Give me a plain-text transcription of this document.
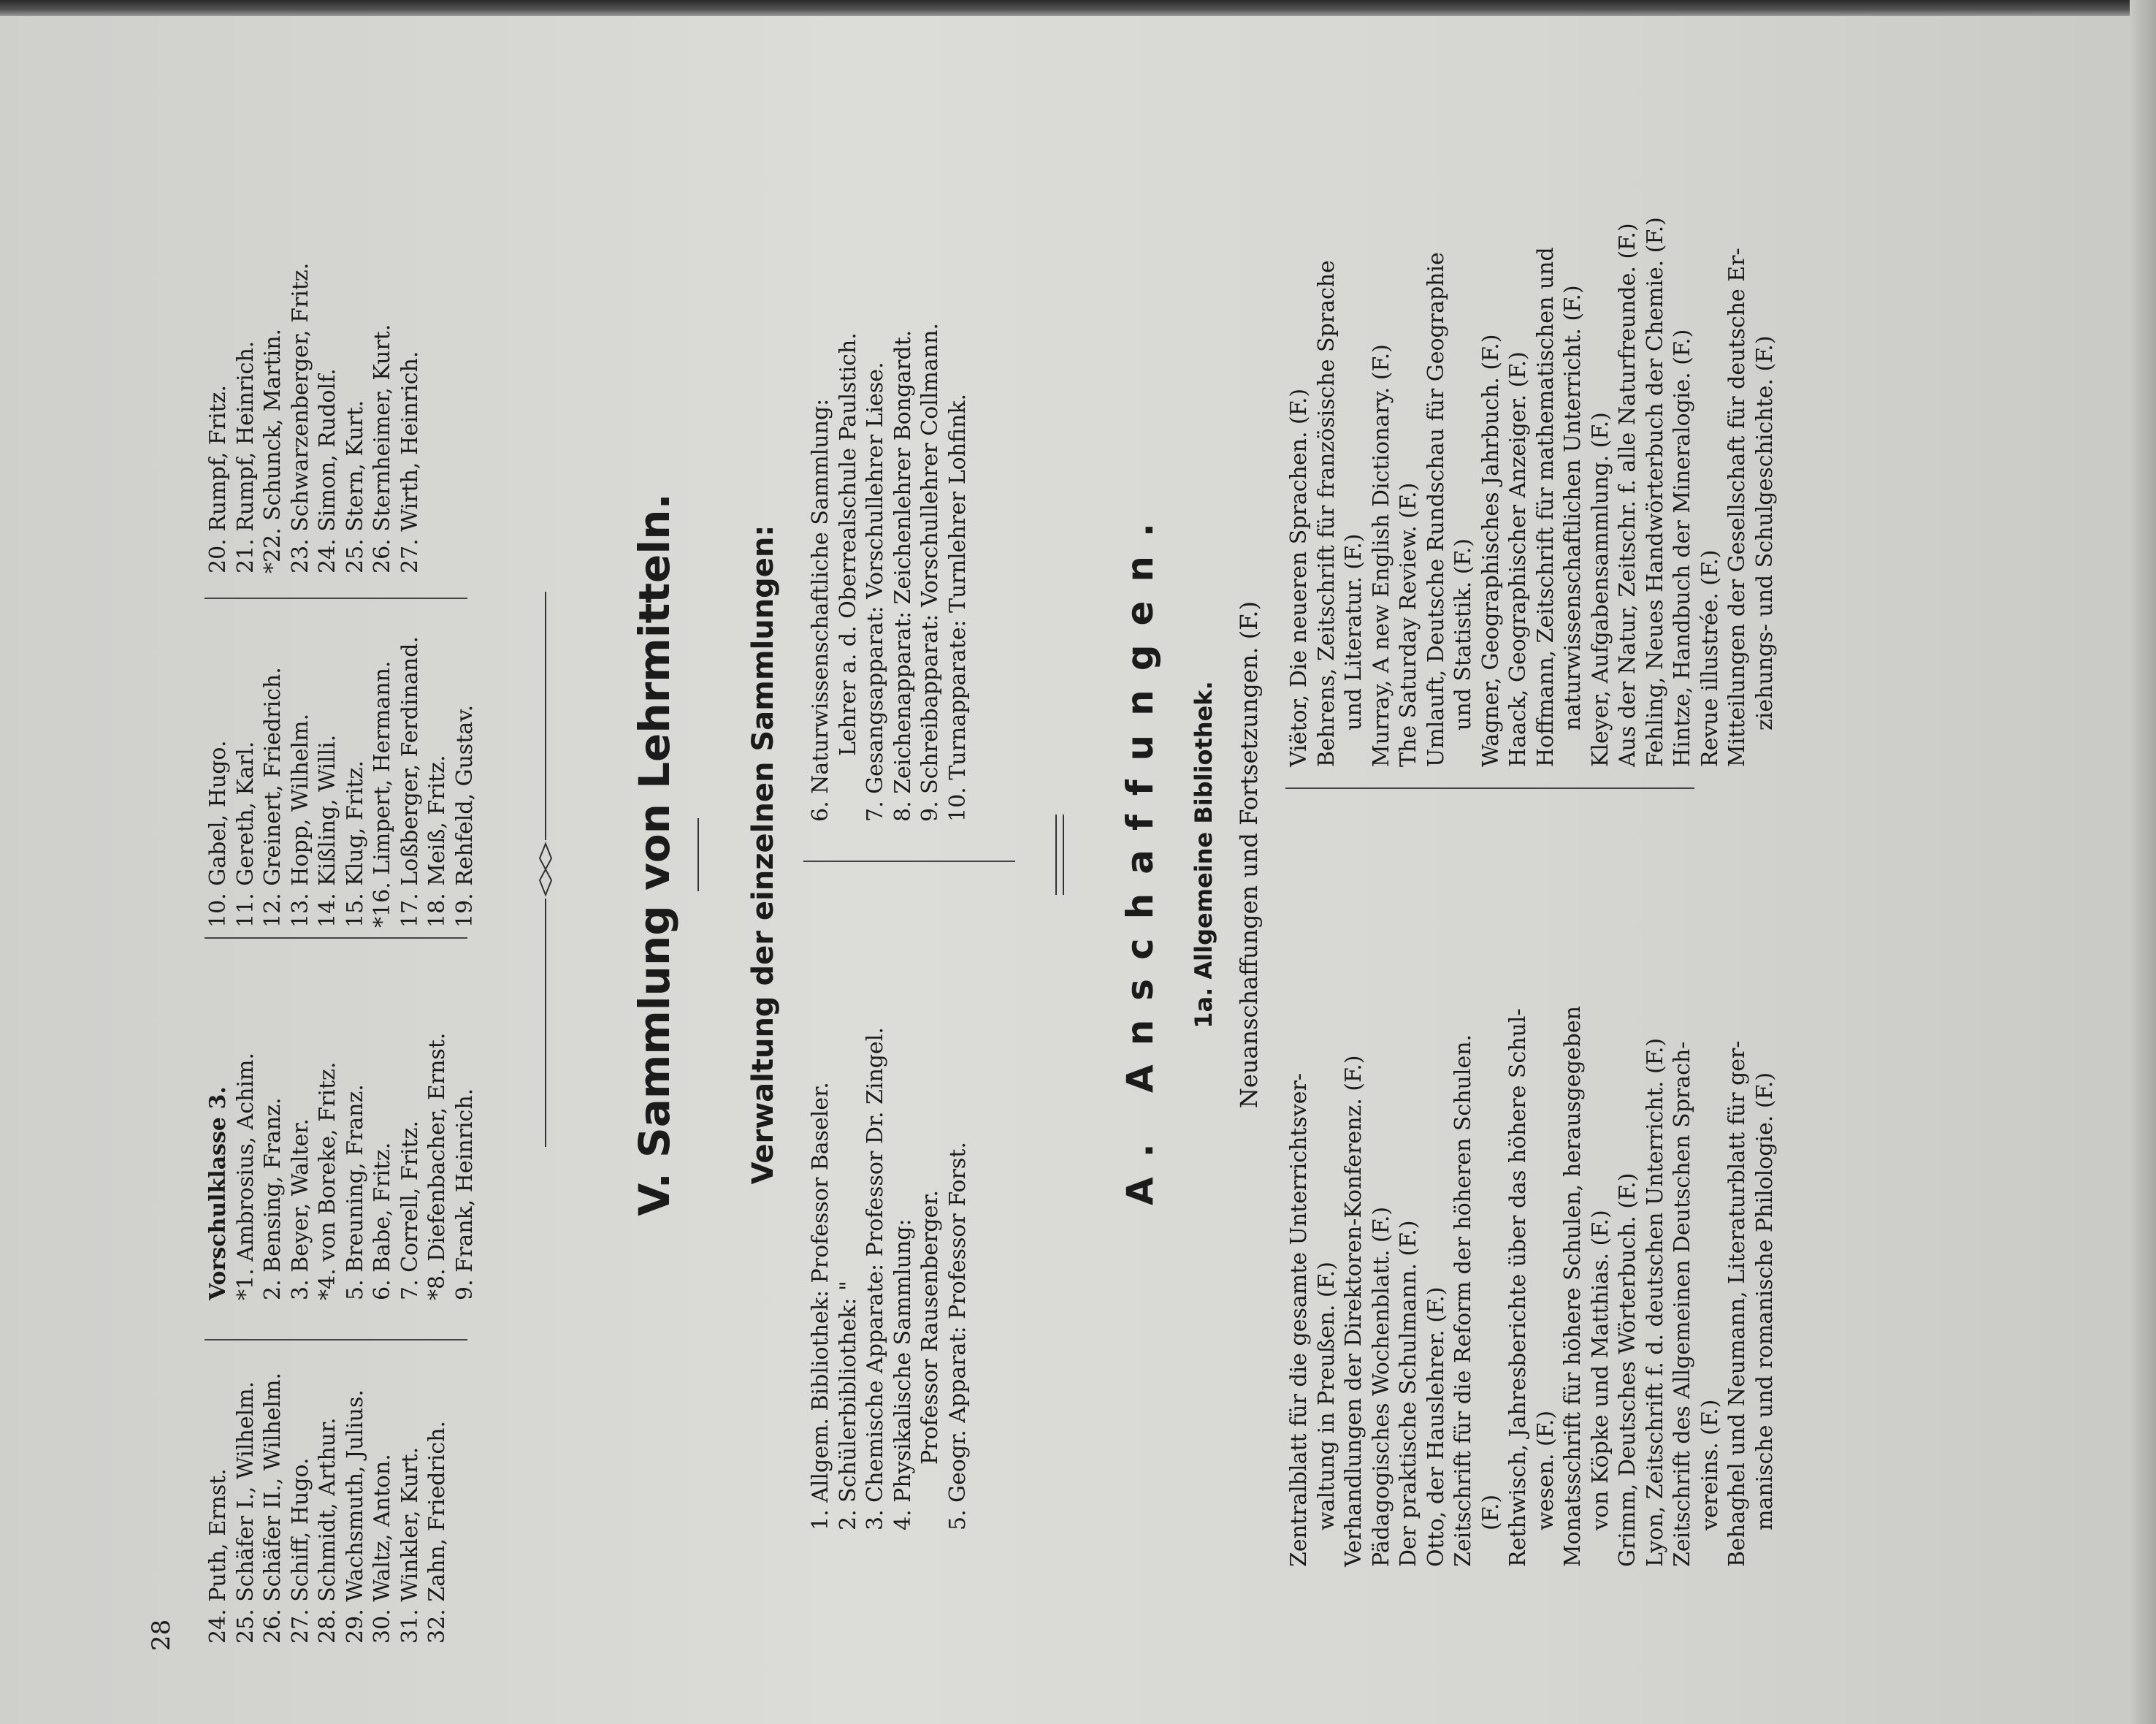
28 24. Puth, Ernst. 25. Schäfer I., Wilhelm. 26. Schäfer II., Wilhelm. 27. Schiff, Hugo. 28. Schmidt, Arthur. 29. Wachsmuth, Julius. 30. Waltz, Anton. 31. Winkler, Kurt. 32. Zahn, Friedrich.
Vorschulklasse 3. *1. Ambrosius, Achim. 2. Bensing, Franz. 3. Beyer, Walter. *4. von Boreke, Fritz. 5. Breuning, Franz. 6. Babe, Fritz. 7. Correll, Fritz. *8. Diefenbacher, Ernst. 9. Frank, Heinrich.
10. Gabel, Hugo. 11. Gereth, Karl. 12. Greinert, Friedrich. 13. Hopp, Wilhelm. 14. Kißling, Willi. 15. Klug, Fritz. *16. Limpert, Hermann. 17. Loßberger, Ferdinand. 18. Meiß, Fritz. 19. Rehfeld, Gustav.
20. Rumpf, Fritz. 21. Rumpf, Heinrich. *22. Schunck, Martin. 23. Schwarzenberger, Fritz. 24. Simon, Rudolf. 25. Stern, Kurt. 26. Sternheimer, Kurt. 27. Wirth, Heinrich.
V. Sammlung von Lehrmitteln. Verwaltung der einzelnen Sammlungen:
1. Allgem. Bibliothek: Professor Baseler. 2. Schülerbibliothek: " 3. Chemische Apparate: Professor Dr. Zingel. 4. Physikalische Sammlung: Professor Rausenberger. 5. Geogr. Apparat: Professor Forst.
6. Naturwissenschaftliche Sammlung: Lehrer a. d. Oberrealschule Paulstich. 7. Gesangsapparat: Vorschullehrer Liese. 8. Zeichenapparat: Zeichenlehrer Bongardt. 9. Schreibapparat: Vorschullehrer Collmann. 10. Turnapparate: Turnlehrer Lohfink.	A. Anschaffungen. 1a. Allgemeine Bibliothek. Neuanschaffungen und Fortsetzungen. (F.)
Zentralblatt für die gesamte Unterrichtsver- waltung in Preußen. (F.) Verhandlungen der Direktoren-Konferenz. (F.) Pädagogisches Wochenblatt. (F.) Der praktische Schulmann. (F.) Otto, der Hauslehrer. (F.) Zeitschrift für die Reform der höheren Schulen. (F.) Rethwisch, Jahresberichte über das höhere Schul- wesen. (F.) Monatsschrift für höhere Schulen, herausgegeben von Köpke und Matthias. (F.) Grimm, Deutsches Wörterbuch. (F.) Lyon, Zeitschrift f. d. deutschen Unterricht. (F.) Zeitschrift des Allgemeinen Deutschen Sprach- vereins. (F.) Behaghel und Neumann, Literaturblatt für ger- manische und romanische Philologie. (F.)
Viëtor, Die neueren Sprachen. (F.) Behrens, Zeitschrift für französische Sprache und Literatur. (F.) Murray, A new English Dictionary. (F.) The Saturday Review. (F.) Umlauft, Deutsche Rundschau für Geographie und Statistik. (F.) Wagner, Geographisches Jahrbuch. (F.) Haack, Geographischer Anzeiger. (F.) Hoffmann, Zeitschrift für mathematischen und naturwissenschaftlichen Unterricht. (F.) Kleyer, Aufgabensammlung. (F.) Aus der Natur, Zeitschr. f. alle Naturfreunde. (F.) Fehling, Neues Handwörterbuch der Chemie. (F.) Hintze, Handbuch der Mineralogie. (F.) Revue illustrée. (F.) Mitteilungen der Gesellschaft für deutsche Er- ziehungs- und Schulgeschichte. (F.)
